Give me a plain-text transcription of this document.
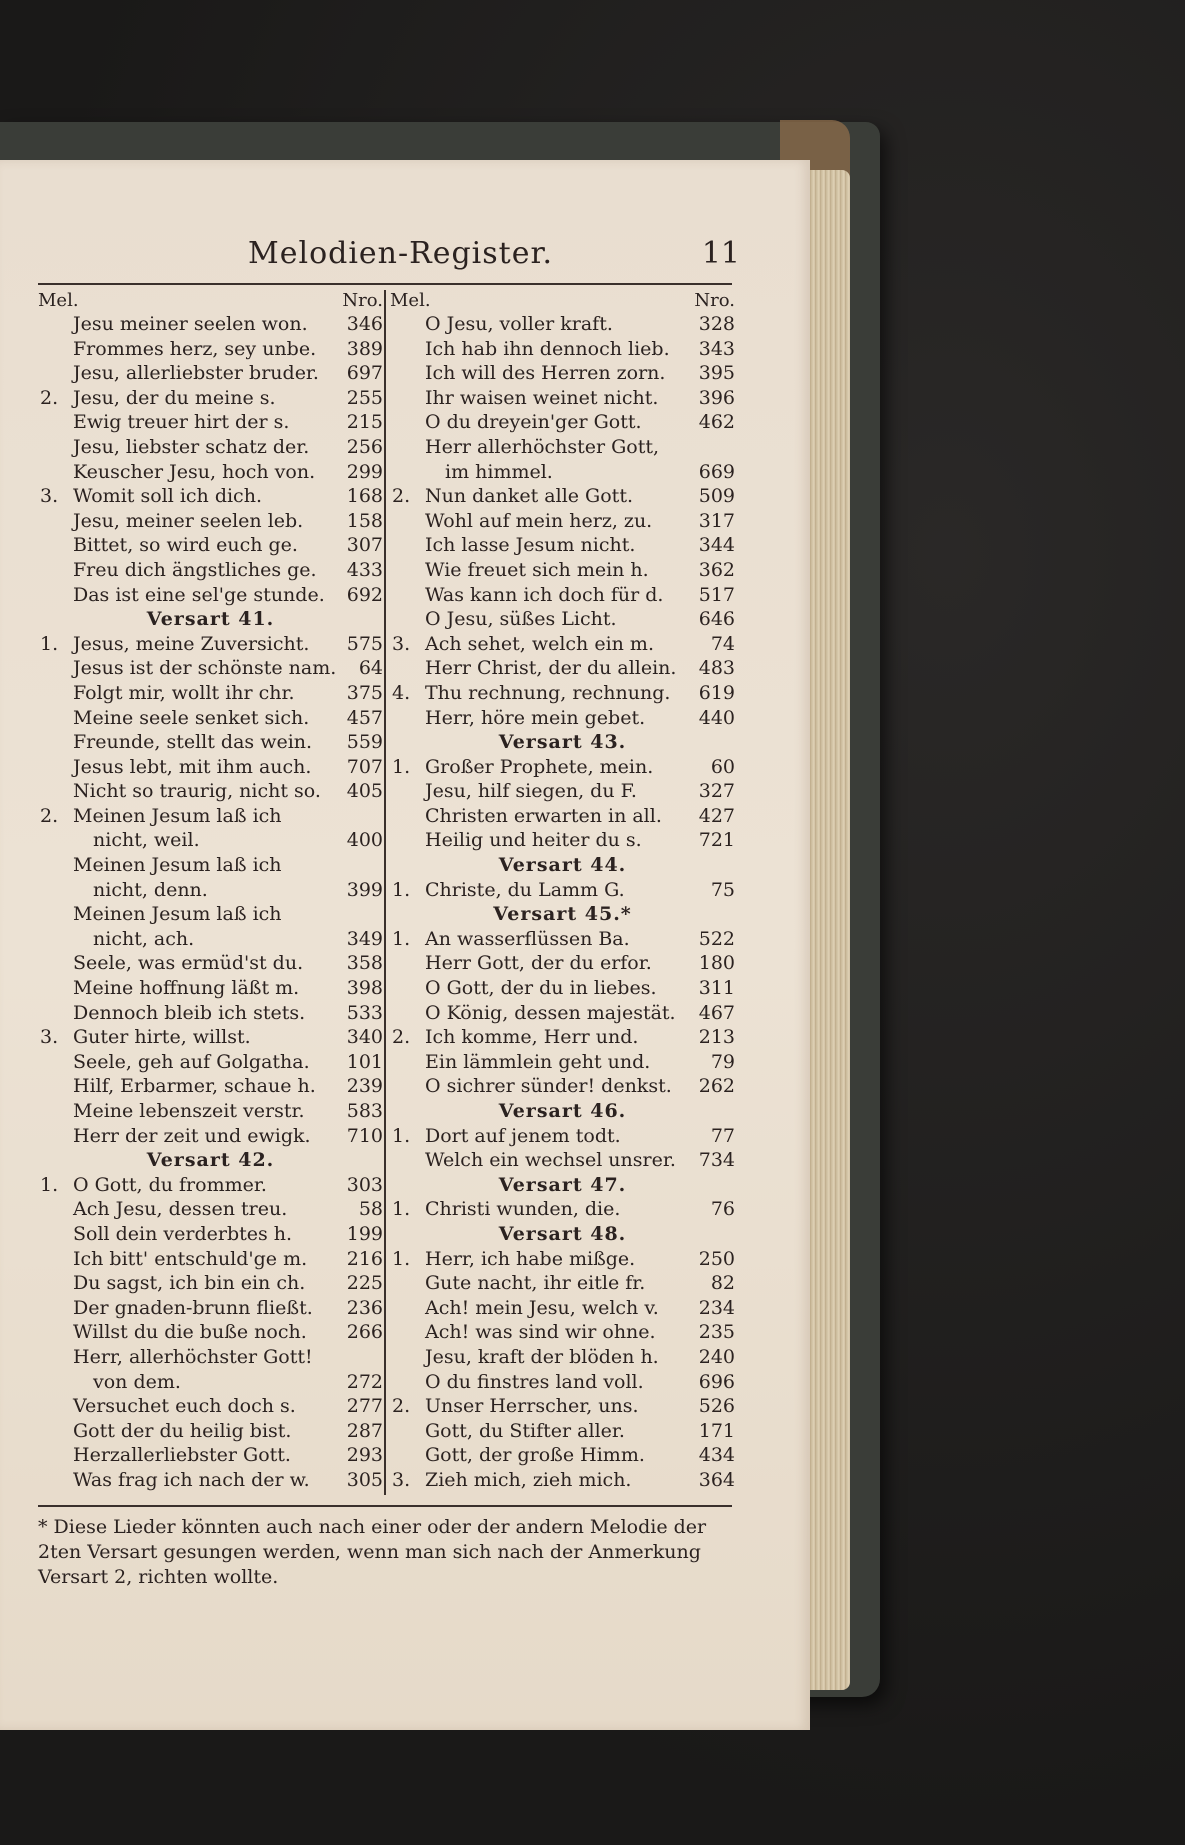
Melodien-Register.	11
Mel.	Nro.
Jesu meiner seelen won. 346
Frommes herz, sey unbe. 389
Jesu, allerliebster bruder. 697
2. Jesu, der du meine s.	255
Ewig treuer hirt der s.	215
Jesu, liebster schatz der. 256
Keuscher Jesu, hoch von. 299
3. Womit soll ich dich.	168
Jesu, meiner seelen leb. 158
Bittet, so wird euch ge.	307
Freu dich ängstliches ge. 433
Das ist eine sel'ge stunde. 692
Versart 41.
1. Jesus, meine Zuversicht. 575
Jesus ist der schönste nam. 64
Folgt mir, wollt ihr chr.	375
Meine seele senket sich. 457
Freunde, stellt das wein. 559
Jesus lebt, mit ihm auch. 707
Nicht so traurig, nicht so. 405
2. Meinen Jesum laß ich
nicht, weil.	400
Meinen Jesum laß ich
nicht, denn.	399
Meinen Jesum laß ich
nicht, ach.	349
Seele, was ermüd'st du. 358
Meine hoffnung läßt m.	398
Dennoch bleib ich stets. 533
3. Guter hirte, willst.	340
Seele, geh auf Golgatha. 101
Hilf, Erbarmer, schaue h. 239
Meine lebenszeit verstr. 583
Herr der zeit und ewigk. 710
Versart 42.
1. O Gott, du frommer.	303
Ach Jesu, dessen treu.	58
Soll dein verderbtes h.	199
Ich bitt' entschuld'ge m. 216
Du sagst, ich bin ein ch. 225
Der gnaden-brunn fließt. 236
Willst du die buße noch. 266
Herr, allerhöchster Gott!
von dem.	272
Versuchet euch doch s.	277
Gott der du heilig bist.	287
Herzallerliebster Gott.	293
Was frag ich nach der w. 305
Mel.	Nro.
O Jesu, voller kraft.	328
Ich hab ihn dennoch lieb. 343
Ich will des Herren zorn. 395
Ihr waisen weinet nicht. 396
O du dreyein'ger Gott.	462
Herr allerhöchster Gott,
im himmel.	669
2. Nun danket alle Gott.	509
Wohl auf mein herz, zu. 317
Ich lasse Jesum nicht.	344
Wie freuet sich mein h.	362
Was kann ich doch für d. 517
O Jesu, süßes Licht.	646
3. Ach sehet, welch ein m.	74
Herr Christ, der du allein. 483
4. Thu rechnung, rechnung. 619
Herr, höre mein gebet.	440
Versart 43.
1. Großer Prophete, mein.	60
Jesu, hilf siegen, du F.	327
Christen erwarten in all. 427
Heilig und heiter du s.	721
Versart 44.
1. Christe, du Lamm G.	75
Versart 45.*
1. An wasserflüssen Ba.	522
Herr Gott, der du erfor. 180
O Gott, der du in liebes. 311
O König, dessen majestät. 467
2. Ich komme, Herr und.	213
Ein lämmlein geht und.	79
O sichrer sünder! denkst. 262
Versart 46.
1. Dort auf jenem todt.	77
Welch ein wechsel unsrer. 734
Versart 47.
1. Christi wunden, die.	76
Versart 48.
1. Herr, ich habe mißge.	250
Gute nacht, ihr eitle fr.	82
Ach! mein Jesu, welch v. 234
Ach! was sind wir ohne. 235
Jesu, kraft der blöden h. 240
O du finstres land voll.	696
2. Unser Herrscher, uns.	526
Gott, du Stifter aller.	171
Gott, der große Himm.	434
3. Zieh mich, zieh mich.	364
* Diese Lieder könnten auch nach einer oder der andern Melodie der 2ten Versart gesungen werden, wenn man sich nach der Anmerkung Versart 2, richten wollte.
